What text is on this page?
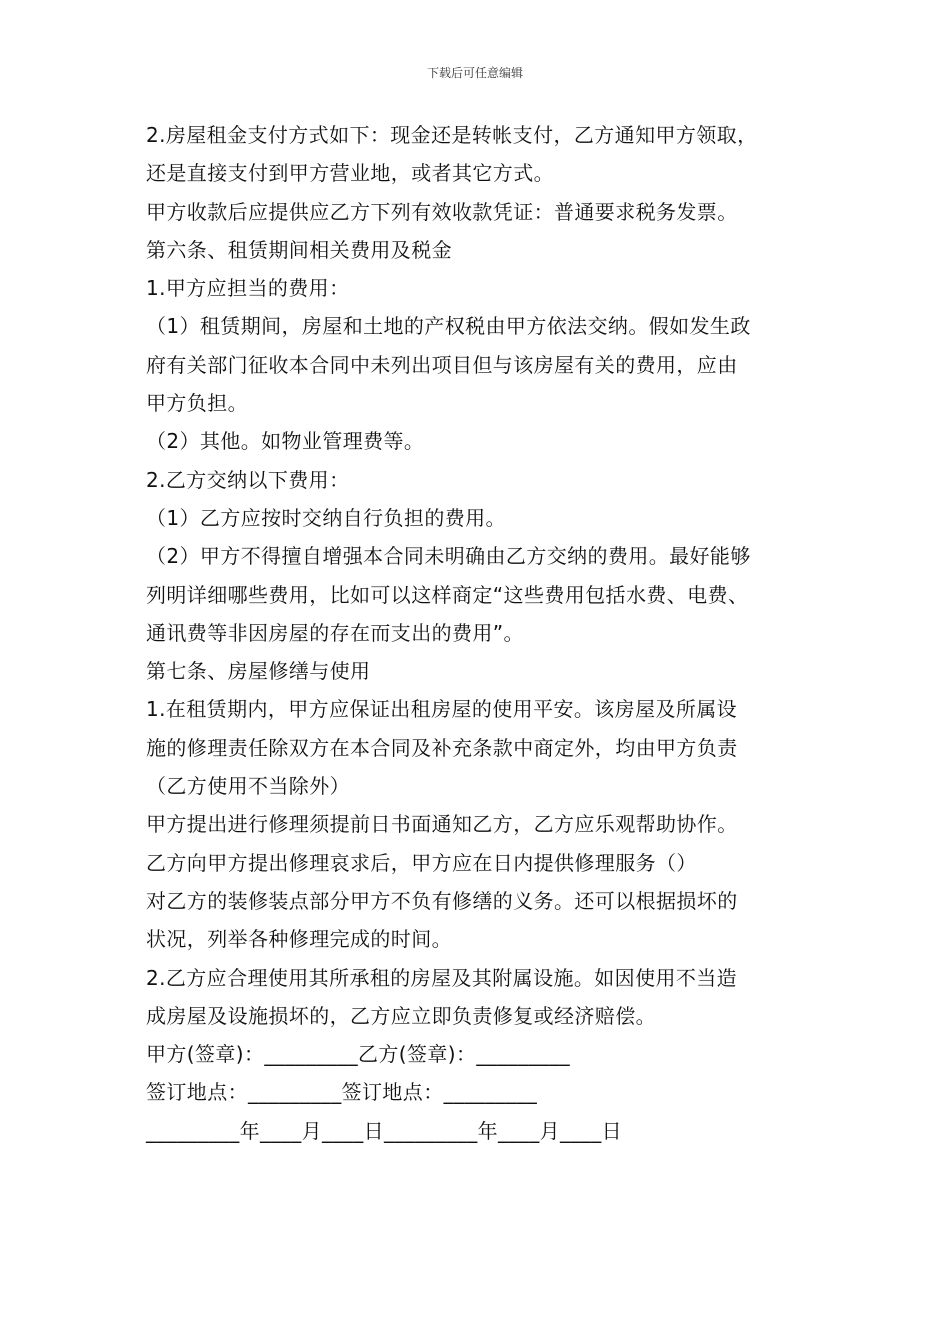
下载后可任意编辑
2.房屋租金支付方式如下：现金还是转帐支付，乙方通知甲方领取，
还是直接支付到甲方营业地，或者其它方式。
甲方收款后应提供应乙方下列有效收款凭证：普通要求税务发票。
第六条、租赁期间相关费用及税金
1.甲方应担当的费用：
（1）租赁期间，房屋和土地的产权税由甲方依法交纳。假如发生政
府有关部门征收本合同中未列出项目但与该房屋有关的费用，应由
甲方负担。
（2）其他。如物业管理费等。
2.乙方交纳以下费用：
（1）乙方应按时交纳自行负担的费用。
（2）甲方不得擅自增强本合同未明确由乙方交纳的费用。最好能够
列明详细哪些费用，比如可以这样商定“这些费用包括水费、电费、
通讯费等非因房屋的存在而支出的费用”。
第七条、房屋修缮与使用
1.在租赁期内，甲方应保证出租房屋的使用平安。该房屋及所属设
施的修理责任除双方在本合同及补充条款中商定外，均由甲方负责
（乙方使用不当除外）
甲方提出进行修理须提前日书面通知乙方，乙方应乐观帮助协作。
乙方向甲方提出修理哀求后，甲方应在日内提供修理服务（）
对乙方的装修装点部分甲方不负有修缮的义务。还可以根据损坏的
状况，列举各种修理完成的时间。
2.乙方应合理使用其所承租的房屋及其附属设施。如因使用不当造
成房屋及设施损坏的，乙方应立即负责修复或经济赔偿。
甲方(签章)：_________乙方(签章)：_________
签订地点：_________签订地点：_________
_________年____月____日_________年____月____日
